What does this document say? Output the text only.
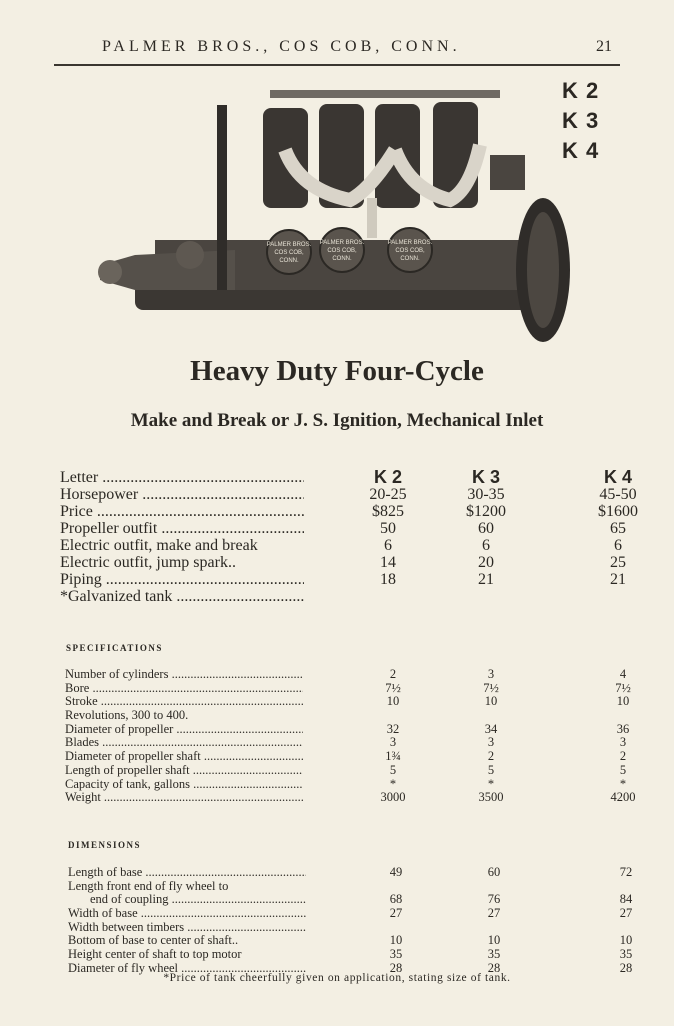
PALMER BROS., COS COB, CONN.	21
K 2
K 3
K 4
PALMER BROS.
COS COB,
CONN.
PALMER BROS.
COS COB,
CONN.
PALMER BROS.
COS COB,
CONN.
Heavy Duty Four-Cycle
Make and Break or J. S. Ignition, Mechanical Inlet
Letter .....	K 2	K 3	K 4
Horsepower .....	20-25	30-35	45-50
Price .....	$825	$1200	$1600
Propeller outfit .....	50	60	65
Electric outfit, make and break	6	6	6
Electric outfit, jump spark..	14	20	25
Piping .....	18	21	21
*Galvanized tank .....
SPECIFICATIONS
Number of cylinders .....	2	3	4
Bore .....	7½	7½	7½
Stroke .....	10	10	10
Revolutions, 300 to 400.
Diameter of propeller .....	32	34	36
Blades .....	3	3	3
Diameter of propeller shaft .....	1¾	2	2
Length of propeller shaft .....	5	5	5
Capacity of tank, gallons .....	*	*	*
Weight .....	3000	3500	4200
DIMENSIONS
Length of base .....	49	60	72
Length front end of fly wheel to
end of coupling .....	68	76	84
Width of base .....	27	27	27
Width between timbers .....
Bottom of base to center of shaft..	10	10	10
Height center of shaft to top motor	35	35	35
Diameter of fly wheel .....	28	28	28
*Price of tank cheerfully given on application, stating size of tank.
